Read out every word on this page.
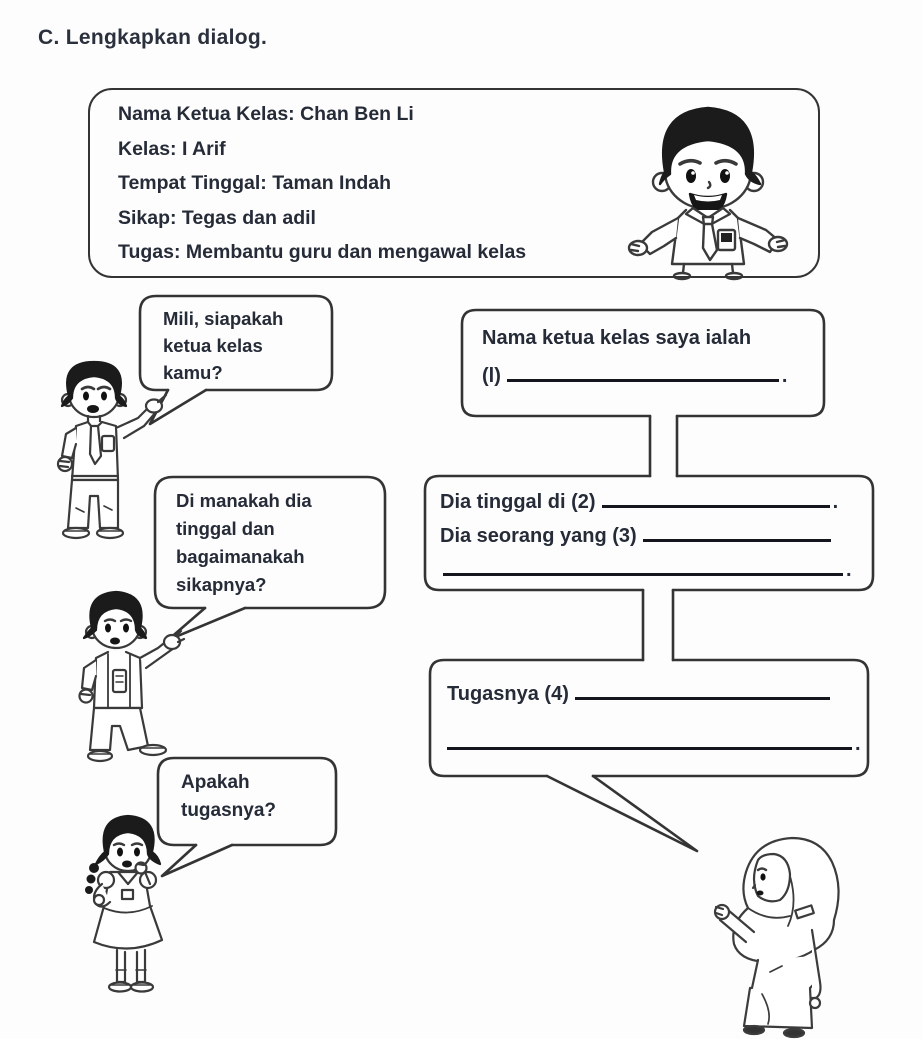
C. Lengkapkan dialog.
Nama Ketua Kelas: Chan Ben Li
Kelas: I Arif
Tempat Tinggal: Taman Indah
Sikap: Tegas dan adil
Tugas: Membantu guru dan mengawal kelas
Mili, siapakah
ketua kelas
kamu?
Di manakah dia
tinggal dan
bagaimanakah
sikapnya?
Apakah
tugasnya?
Nama ketua kelas saya ialah
(l)	.
Dia tinggal di (2)	.
Dia seorang yang (3)
.
Tugasnya (4)
.
